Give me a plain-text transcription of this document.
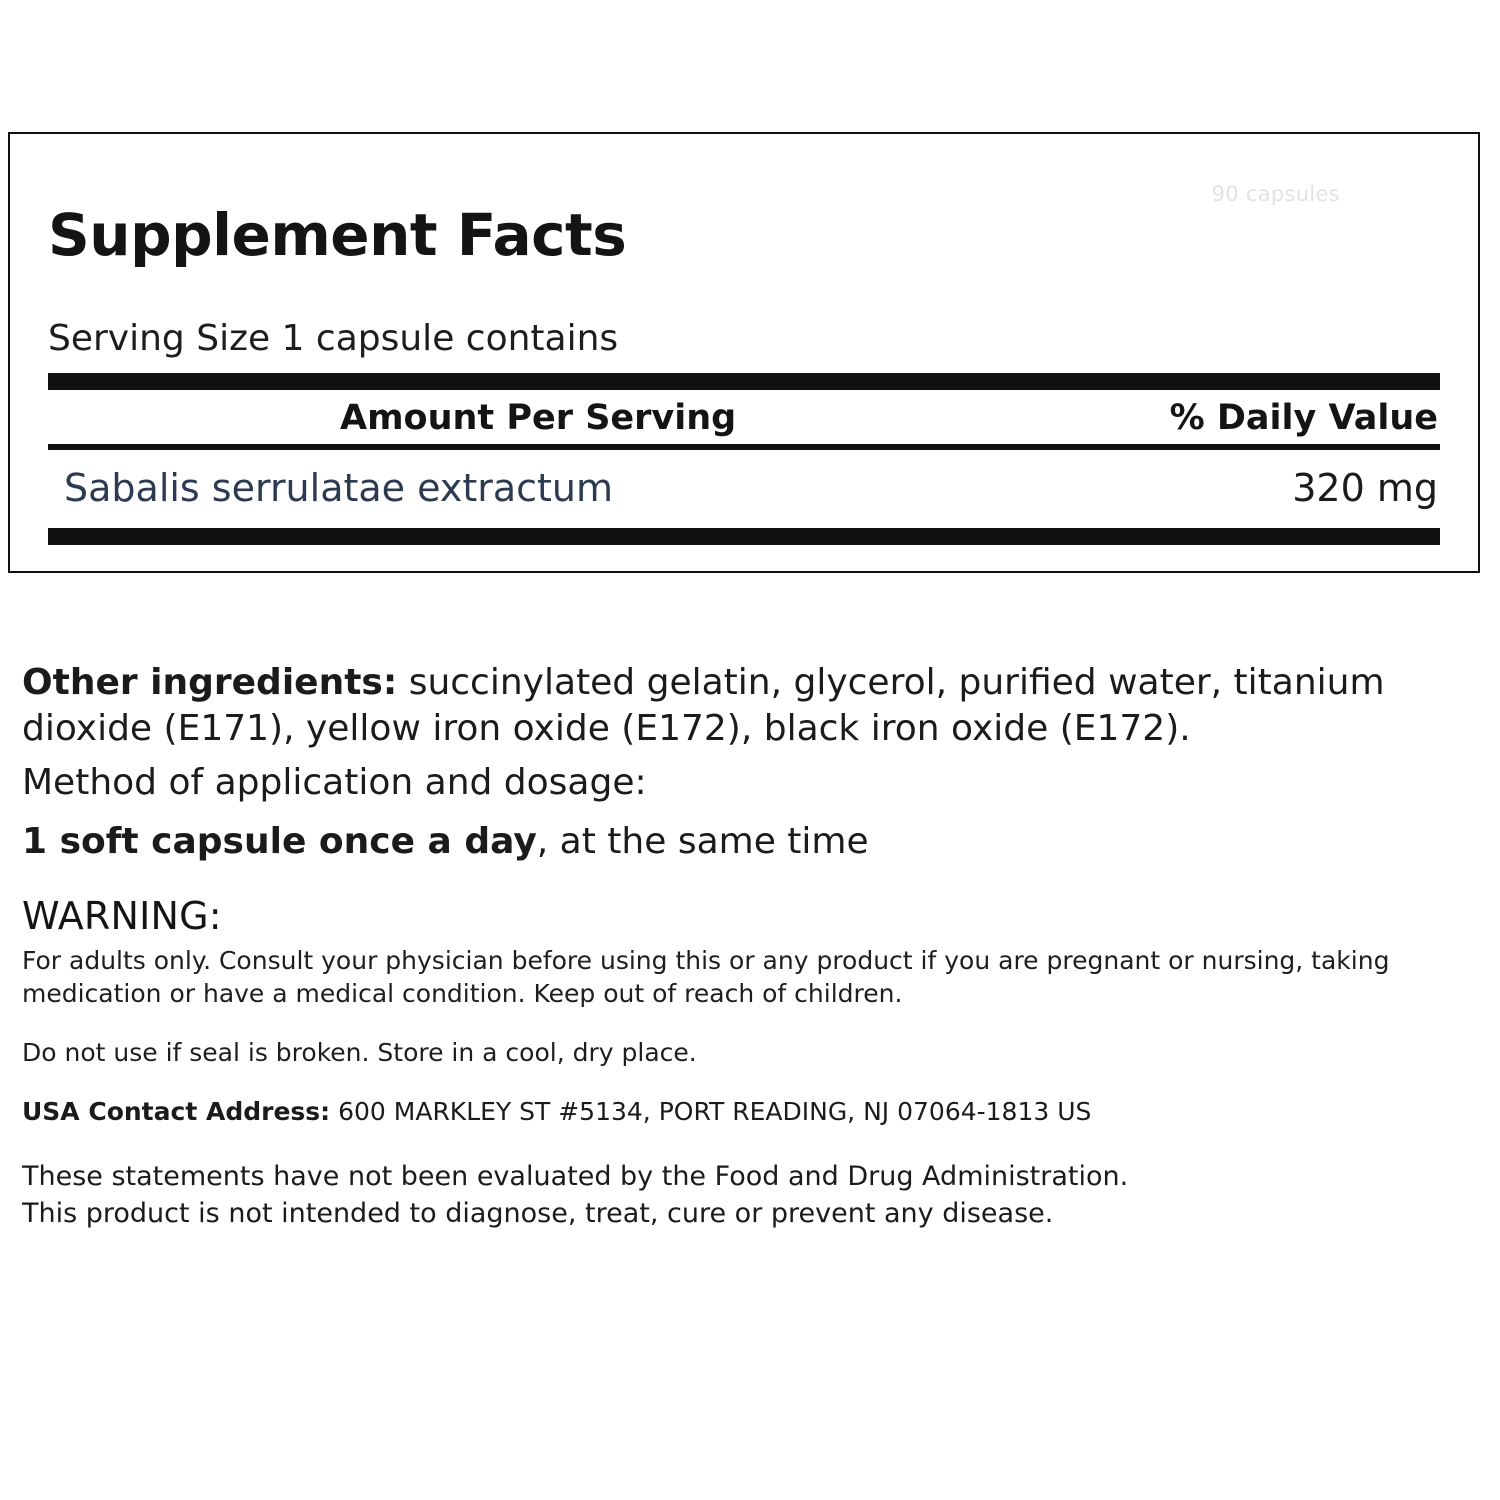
Supplement Facts
Serving Size 1 capsule contains
Amount Per Serving	% Daily Value
Sabalis serrulatae extractum	320 mg
90 capsules

Other ingredients: succinylated gelatin, glycerol, purified water, titanium dioxide (E171), yellow iron oxide (E172), black iron oxide (E172).

Method of application and dosage:

1 soft capsule once a day, at the same time

WARNING:

For adults only. Consult your physician before using this or any product if you are pregnant or nursing, taking medication or have a medical condition. Keep out of reach of children.

Do not use if seal is broken. Store in a cool, dry place.

USA Contact Address: 600 MARKLEY ST #5134, PORT READING, NJ 07064-1813 US

These statements have not been evaluated by the Food and Drug Administration.
This product is not intended to diagnose, treat, cure or prevent any disease.
